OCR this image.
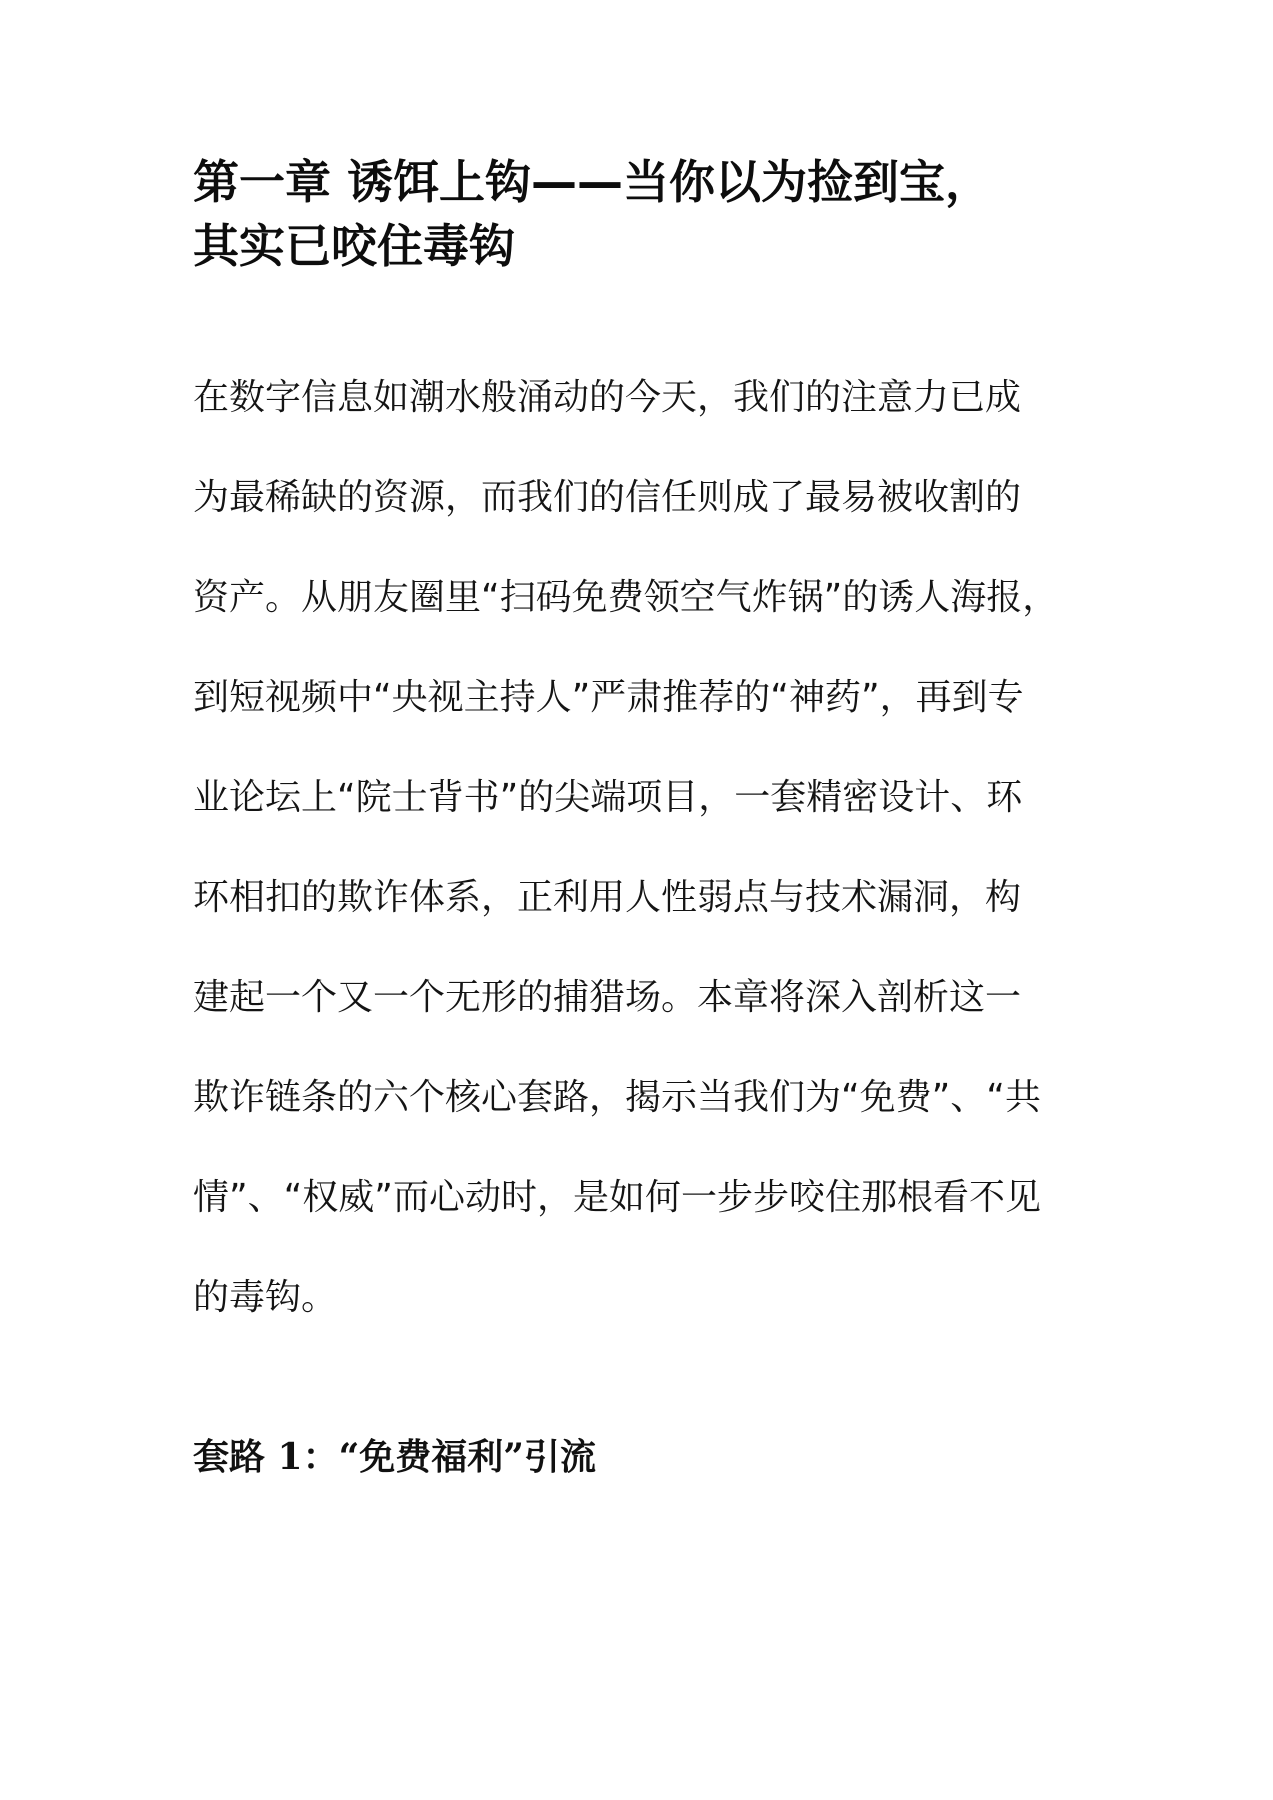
第一章 诱饵上钩——当你以为捡到宝，
其实已咬住毒钩
在数字信息如潮水般涌动的今天，我们的注意力已成
为最稀缺的资源，而我们的信任则成了最易被收割的
资产。从朋友圈里“扫码免费领空气炸锅”的诱人海报，
到短视频中“央视主持人”严肃推荐的“神药”，再到专
业论坛上“院士背书”的尖端项目，一套精密设计、环
环相扣的欺诈体系，正利用人性弱点与技术漏洞，构
建起一个又一个无形的捕猎场。本章将深入剖析这一
欺诈链条的六个核心套路，揭示当我们为“免费”、“共
情”、“权威”而心动时，是如何一步步咬住那根看不见
的毒钩。
套路 1：“免费福利”引流
